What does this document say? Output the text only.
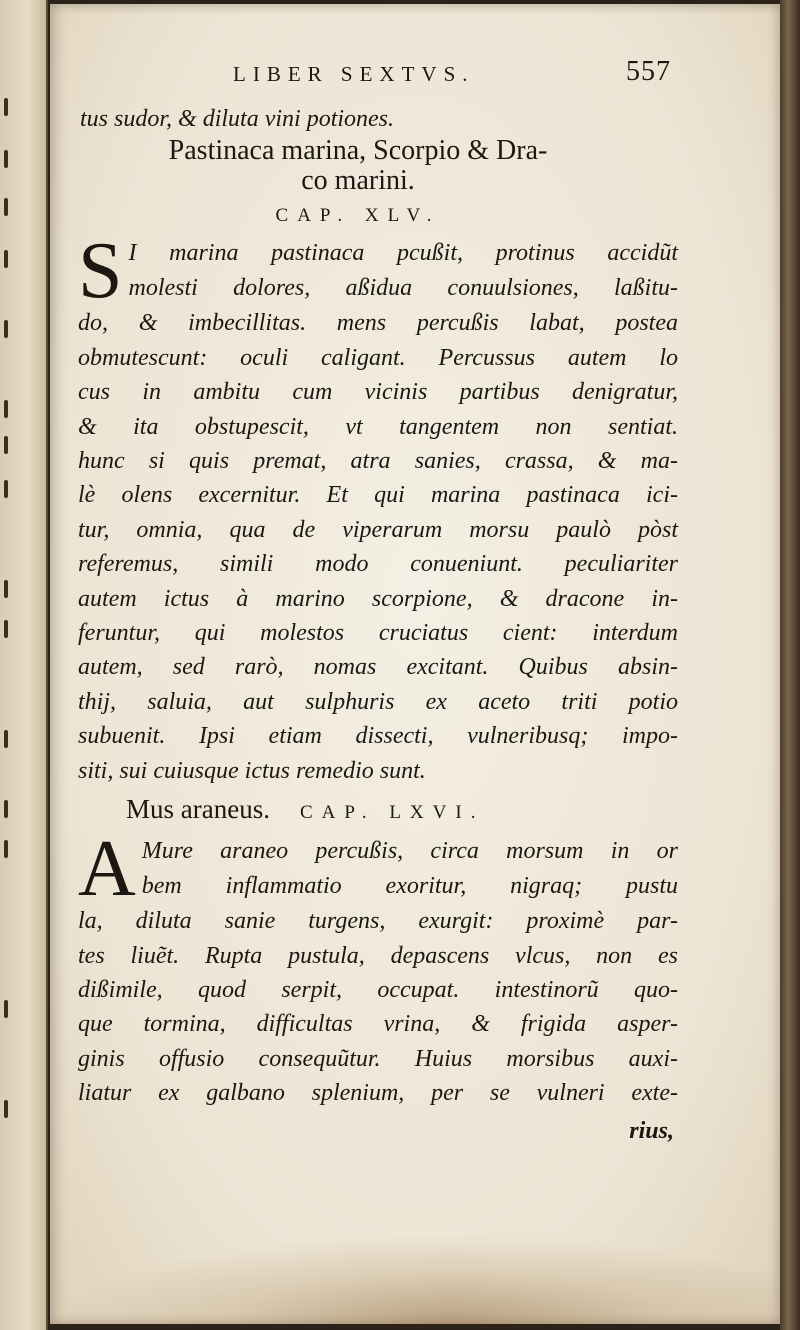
LIBER SEXTVS.	557
tus sudor, & diluta vini potiones.
Pastinaca marina, Scorpio & Dra-
co marini.
CAP. XLV.
S I marina pastinaca pcußit, protinus accidũt
molesti dolores, aßidua conuulsiones, laßitu-
do, & imbecillitas. mens percußis labat, postea
obmutescunt: oculi caligant. Percussus autem lo
cus in ambitu cum vicinis partibus denigratur,
& ita obstupescit, vt tangentem non sentiat.
hunc si quis premat, atra sanies, crassa, & ma-
lè olens excernitur. Et qui marina pastinaca ici-
tur, omnia, qua de viperarum morsu paulò pòst
referemus, simili modo conueniunt. peculiariter
autem ictus à marino scorpione, & dracone in-
feruntur, qui molestos cruciatus cient: interdum
autem, sed rarò, nomas excitant. Quibus absin-
thij, saluia, aut sulphuris ex aceto triti potio
subuenit. Ipsi etiam dissecti, vulneribusq; impo-
siti, sui cuiusque ictus remedio sunt.
Mus araneus. CAP. LXVI.
A Mure araneo percußis, circa morsum in or
bem inflammatio exoritur, nigraq; pustu
la, diluta sanie turgens, exurgit: proximè par-
tes liuẽt. Rupta pustula, depascens vlcus, non es
dißimile, quod serpit, occupat. intestinorũ quo-
que tormina, difficultas vrina, & frigida asper-
ginis offusio consequũtur. Huius morsibus auxi-
liatur ex galbano splenium, per se vulneri exte-
rius,
